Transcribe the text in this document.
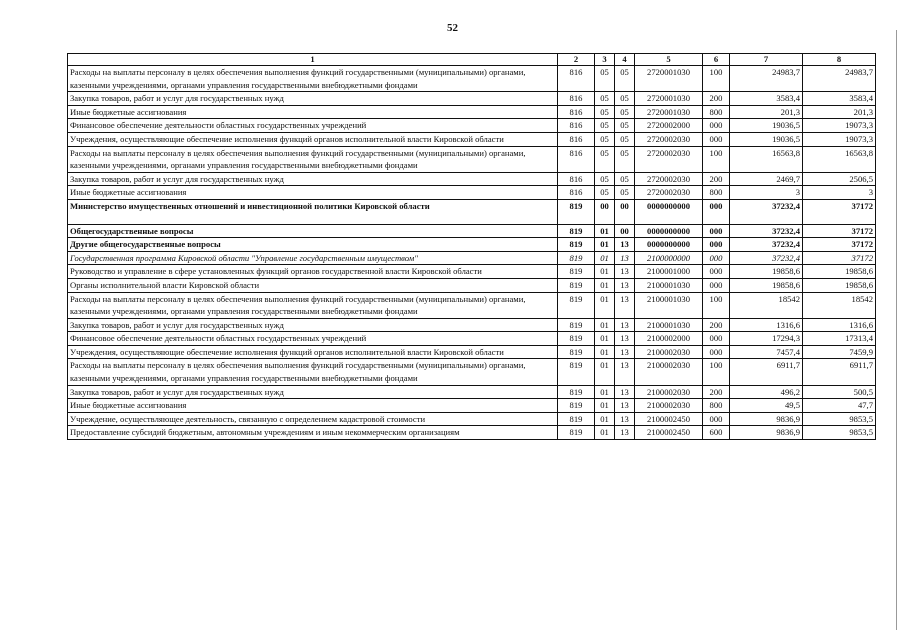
52
1	2	3	4	5	6	7	8
Расходы на выплаты персоналу в целях обеспечения выполнения функций государственными (муниципальными) органами, казенными учреждениями, органами управления государственными внебюджетными фондами	816	05	05	2720001030	100	24983,7	24983,7
Закупка товаров, работ и услуг для государственных нужд	816	05	05	2720001030	200	3583,4	3583,4
Иные бюджетные ассигнования	816	05	05	2720001030	800	201,3	201,3
Финансовое обеспечение деятельности областных государственных учреждений	816	05	05	2720002000	000	19036,5	19073,3
Учреждения, осуществляющие обеспечение исполнения функций органов исполнительной власти Кировской области	816	05	05	2720002030	000	19036,5	19073,3
Расходы на выплаты персоналу в целях обеспечения выполнения функций государственными (муниципальными) органами, казенными учреждениями, органами управления государственными внебюджетными фондами	816	05	05	2720002030	100	16563,8	16563,8
Закупка товаров, работ и услуг для государственных нужд	816	05	05	2720002030	200	2469,7	2506,5
Иные бюджетные ассигнования	816	05	05	2720002030	800	3	3
Министерство имущественных отношений и инвестиционной политики Кировской области	819	00	00	0000000000	000	37232,4	37172
Общегосударственные вопросы	819	01	00	0000000000	000	37232,4	37172
Другие общегосударственные вопросы	819	01	13	0000000000	000	37232,4	37172
Государственная программа Кировской области "Управление государственным имуществом"	819	01	13	2100000000	000	37232,4	37172
Руководство и управление в сфере установленных функций органов государственной власти Кировской области	819	01	13	2100001000	000	19858,6	19858,6
Органы исполнительной власти Кировской области	819	01	13	2100001030	000	19858,6	19858,6
Расходы на выплаты персоналу в целях обеспечения выполнения функций государственными (муниципальными) органами, казенными учреждениями, органами управления государственными внебюджетными фондами	819	01	13	2100001030	100	18542	18542
Закупка товаров, работ и услуг для государственных нужд	819	01	13	2100001030	200	1316,6	1316,6
Финансовое обеспечение деятельности областных государственных учреждений	819	01	13	2100002000	000	17294,3	17313,4
Учреждения, осуществляющие обеспечение исполнения функций органов исполнительной власти Кировской области	819	01	13	2100002030	000	7457,4	7459,9
Расходы на выплаты персоналу в целях обеспечения выполнения функций государственными (муниципальными) органами, казенными учреждениями, органами управления государственными внебюджетными фондами	819	01	13	2100002030	100	6911,7	6911,7
Закупка товаров, работ и услуг для государственных нужд	819	01	13	2100002030	200	496,2	500,5
Иные бюджетные ассигнования	819	01	13	2100002030	800	49,5	47,7
Учреждение, осуществляющее деятельность, связанную с определением кадастровой стоимости	819	01	13	2100002450	000	9836,9	9853,5
Предоставление субсидий бюджетным, автономным учреждениям и иным некоммерческим организациям	819	01	13	2100002450	600	9836,9	9853,5
